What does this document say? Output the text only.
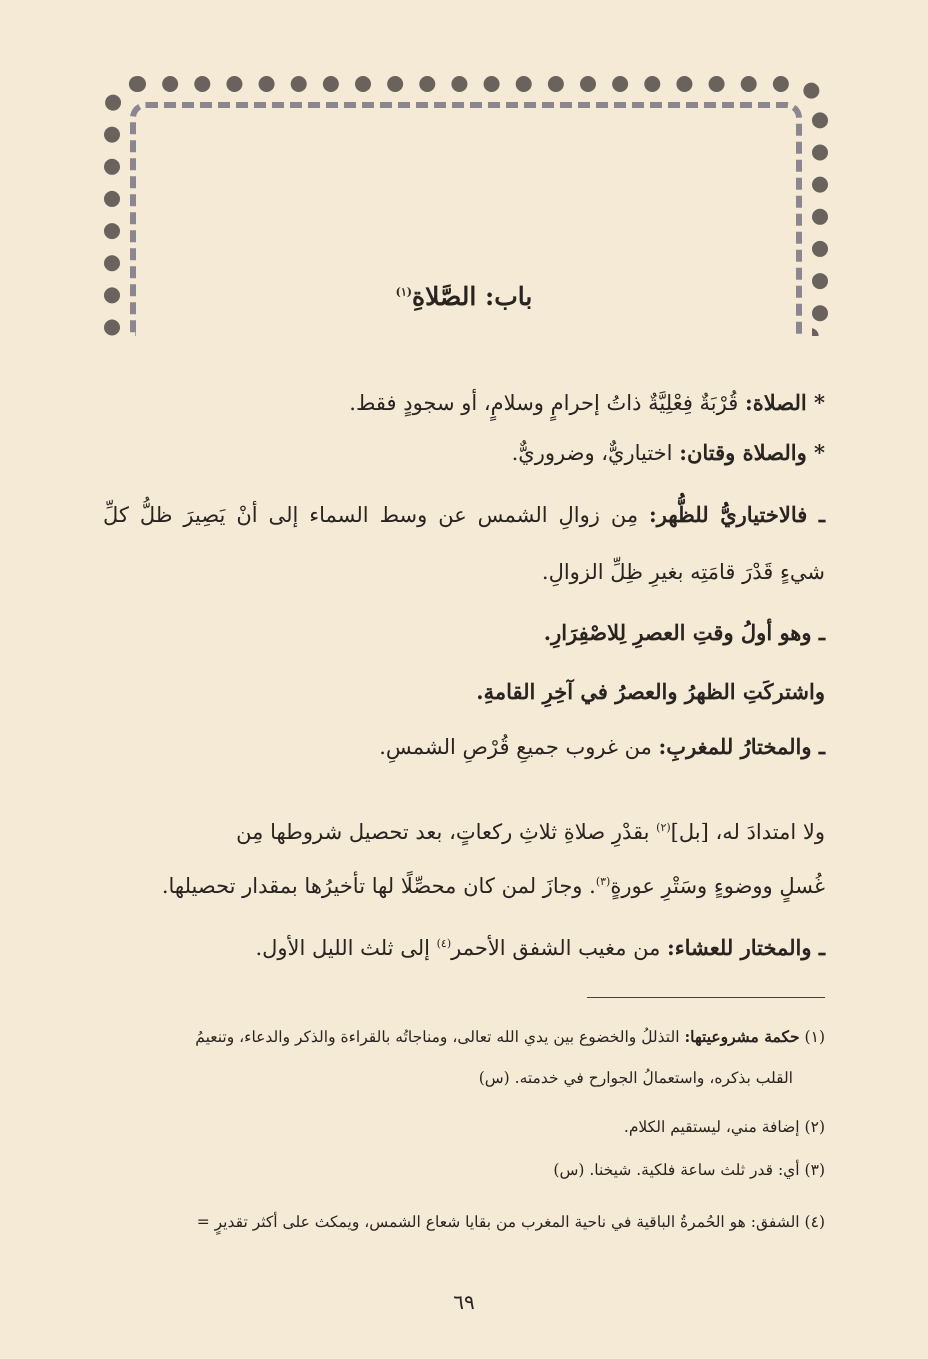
باب: الصَّلاةِ$^{(١)}$
* الصلاة: قُرْبَةٌ فِعْلِيَّةٌ ذاتُ إحرامٍ وسلامٍ، أو سجودٍ فقط.
* والصلاة وقتان: اختياريٌّ، وضروريٌّ.
ـ فالاختياريُّ للظُّهر: مِن زوالِ الشمس عن وسط السماء إلى أنْ يَصِيرَ ظلُّ كلِّ
شيءٍ قَدْرَ قامَتِه بغيرِ ظِلِّ الزوالِ.
ـ وهو أولُ وقتِ العصرِ لِلاصْفِرَارِ.
واشتركَتِ الظهرُ والعصرُ في آخِرِ القامةِ.
ـ والمختارُ للمغربِ: من غروب جميعِ قُرْصِ الشمسِ.
ولا امتدادَ له، [بل]$^{(٢)}$ بقدْرِ صلاةِ ثلاثِ ركعاتٍ، بعد تحصيل شروطها مِن
غُسلٍ ووضوءٍ وسَتْرِ عورةٍ$^{(٣)}$. وجازَ لمن كان محصِّلًا لها تأخيرُها بمقدار تحصيلها.
ـ والمختار للعشاء: من مغيب الشفق الأحمر$^{(٤)}$ إلى ثلث الليل الأول.
(١) حكمة مشروعيتها: التذللُ والخضوع بين يدي الله تعالى، ومناجاتُه بالقراءة والذكر والدعاء، وتنعيمُ
القلب بذكره، واستعمالُ الجوارح في خدمته. (س)
(٢) إضافة مني، ليستقيم الكلام.
(٣) أي: قدر ثلث ساعة فلكية. شيخنا. (س)
(٤) الشفق: هو الحُمرةُ الباقية في ناحية المغرب من بقايا شعاع الشمس، ويمكث على أكثر تقديرٍ =
٦٩
